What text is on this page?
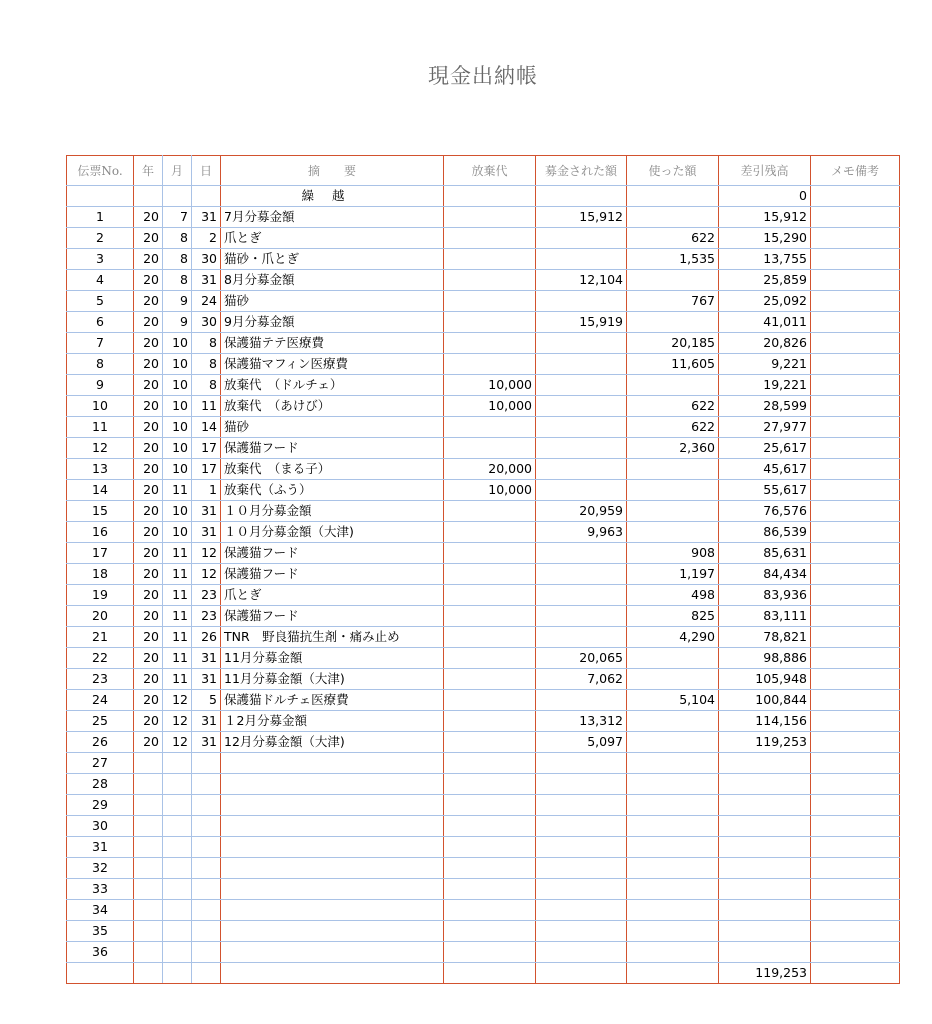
現金出納帳
伝票No.	年	月	日	摘　　要	放棄代	募金された額	使った額	差引残高	メモ備考
				繰越				0	
1	20	7	31	7月分募金額		15,912		15,912	
2	20	8	2	爪とぎ			622	15,290	
3	20	8	30	猫砂・爪とぎ			1,535	13,755	
4	20	8	31	8月分募金額		12,104		25,859	
5	20	9	24	猫砂			767	25,092	
6	20	9	30	9月分募金額		15,919		41,011	
7	20	10	8	保護猫テテ医療費			20,185	20,826	
8	20	10	8	保護猫マフィン医療費			11,605	9,221	
9	20	10	8	放棄代　（ドルチェ）	10,000			19,221	
10	20	10	11	放棄代　（あけび）	10,000		622	28,599	
11	20	10	14	猫砂			622	27,977	
12	20	10	17	保護猫フード			2,360	25,617	
13	20	10	17	放棄代　（まる子）	20,000			45,617	
14	20	11	1	放棄代（ふう）	10,000			55,617	
15	20	10	31	１０月分募金額		20,959		76,576	
16	20	10	31	１０月分募金額（大津)		9,963		86,539	
17	20	11	12	保護猫フード			908	85,631	
18	20	11	12	保護猫フード			1,197	84,434	
19	20	11	23	爪とぎ			498	83,936	
20	20	11	23	保護猫フード			825	83,111	
21	20	11	26	TNR　野良猫抗生剤・痛み止め			4,290	78,821	
22	20	11	31	11月分募金額		20,065		98,886	
23	20	11	31	11月分募金額（大津)		7,062		105,948	
24	20	12	5	保護猫ドルチェ医療費			5,104	100,844	
25	20	12	31	１2月分募金額		13,312		114,156	
26	20	12	31	12月分募金額（大津)		5,097		119,253	
27									
28									
29									
30									
31									
32									
33									
34									
35									
36									
								119,253	
